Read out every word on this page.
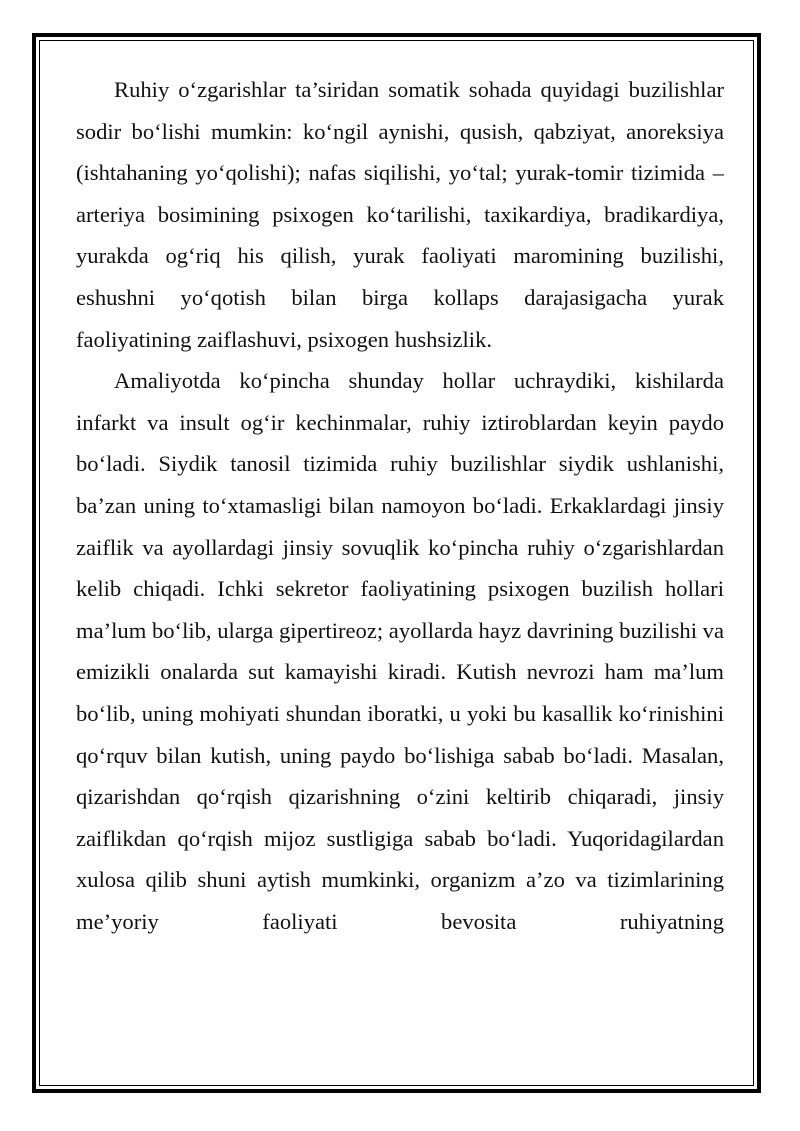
Ruhiy o‘zgarishlar ta’siridan somatik sohada quyidagi buzilishlar sodir bo‘lishi mumkin: ko‘ngil aynishi, qusish, qabziyat, anoreksiya (ishtahaning yo‘qolishi); nafas siqilishi, yo‘tal; yurak-tomir tizimida – arteriya bosimining psixogen ko‘tarilishi, taxikardiya, bradikardiya, yurakda og‘riq his qilish, yurak faoliyati maromining buzilishi, eshushni yo‘qotish bilan birga kollaps darajasigacha yurak faoliyatining zaiflashuvi, psixogen hushsizlik.

Amaliyotda ko‘pincha shunday hollar uchraydiki, kishilarda infarkt va insult og‘ir kechinmalar, ruhiy iztiroblardan keyin paydo bo‘ladi. Siydik tanosil tizimida ruhiy buzilishlar siydik ushlanishi, ba’zan uning to‘xtamasligi bilan namoyon bo‘ladi. Erkaklardagi jinsiy zaiflik va ayollardagi jinsiy sovuqlik ko‘pincha ruhiy o‘zgarishlardan kelib chiqadi. Ichki sekretor faoliyatining psixogen buzilish hollari ma’lum bo‘lib, ularga gipertireoz; ayollarda hayz davrining buzilishi va emizikli onalarda sut kamayishi kiradi. Kutish nevrozi ham ma’lum bo‘lib, uning mohiyati shundan iboratki, u yoki bu kasallik ko‘rinishini qo‘rquv bilan kutish, uning paydo bo‘lishiga sabab bo‘ladi. Masalan, qizarishdan qo‘rqish qizarishning o‘zini keltirib chiqaradi, jinsiy zaiflikdan qo‘rqish mijoz sustligiga sabab bo‘ladi. Yuqoridagilardan xulosa qilib shuni aytish mumkinki, organizm a’zo va tizimlarining me’yoriy faoliyati bevosita ruhiyatning
